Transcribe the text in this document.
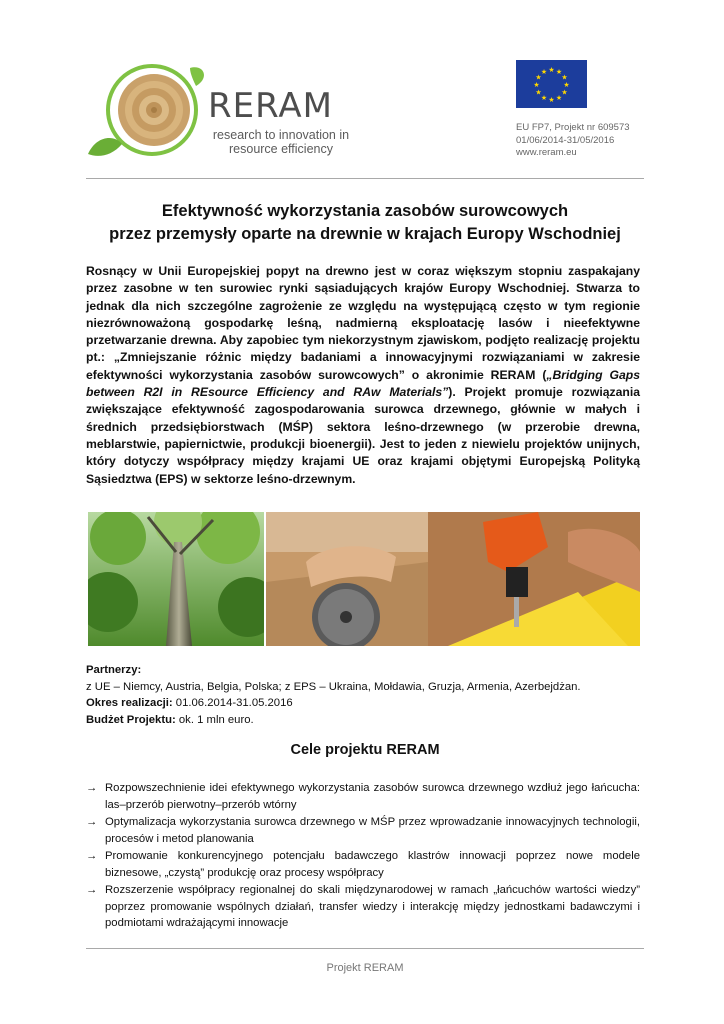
RERAM
research to innovation in
resource efficiency
★ ★
★
★
★
★
★
★
★
★
★
★
EU FP7, Projekt nr 609573
01/06/2014-31/05/2016
www.reram.eu
Efektywność wykorzystania zasobów surowcowych
przez przemysły oparte na drewnie w krajach Europy Wschodniej
Rosnący w Unii Europejskiej popyt na drewno jest w coraz większym stopniu zaspakajany przez zasobne w ten surowiec rynki sąsiadujących krajów Europy Wschodniej. Stwarza to jednak dla nich szczególne zagrożenie ze względu na występującą często w tym regionie niezrównoważoną gospodarkę leśną, nadmierną eksploatację lasów i nieefektywne przetwarzanie drewna. Aby zapobiec tym niekorzystnym zjawiskom, podjęto realizację projektu pt.: „Zmniejszanie różnic między badaniami a innowacyjnymi rozwiązaniami w zakresie efektywności wykorzystania zasobów surowcowych” o akronimie RERAM („Bridging Gaps between R2I in REsource Efficiency and RAw Materials”). Projekt promuje rozwiązania zwiększające efektywność zagospodarowania surowca drzewnego, głównie w małych i średnich przedsiębiorstwach (MŚP) sektora leśno-drzewnego (w przerobie drewna, meblarstwie, papiernictwie, produkcji bioenergii). Jest to jeden z niewielu projektów unijnych, który dotyczy współpracy między krajami UE oraz krajami objętymi Europejską Polityką Sąsiedztwa (EPS) w sektorze leśno-drzewnym.
Partnerzy:
z UE – Niemcy, Austria, Belgia, Polska; z EPS – Ukraina, Mołdawia, Gruzja, Armenia, Azerbejdżan.
Okres realizacji: 01.06.2014-31.05.2016
Budżet Projektu: ok. 1 mln euro.
Cele projektu RERAM
→ Rozpowszechnienie idei efektywnego wykorzystania zasobów surowca drzewnego wzdłuż jego łańcucha: las–przerób pierwotny–przerób wtórny
→ Optymalizacja wykorzystania surowca drzewnego w MŚP przez wprowadzanie innowacyjnych technologii, procesów i metod planowania
→ Promowanie konkurencyjnego potencjału badawczego klastrów innowacji poprzez nowe modele biznesowe, „czystą” produkcję oraz procesy współpracy
→ Rozszerzenie współpracy regionalnej do skali międzynarodowej w ramach „łańcuchów wartości wiedzy” poprzez promowanie wspólnych działań, transfer wiedzy i interakcję między jednostkami badawczymi i podmiotami wdrażającymi innowacje
Projekt RERAM
